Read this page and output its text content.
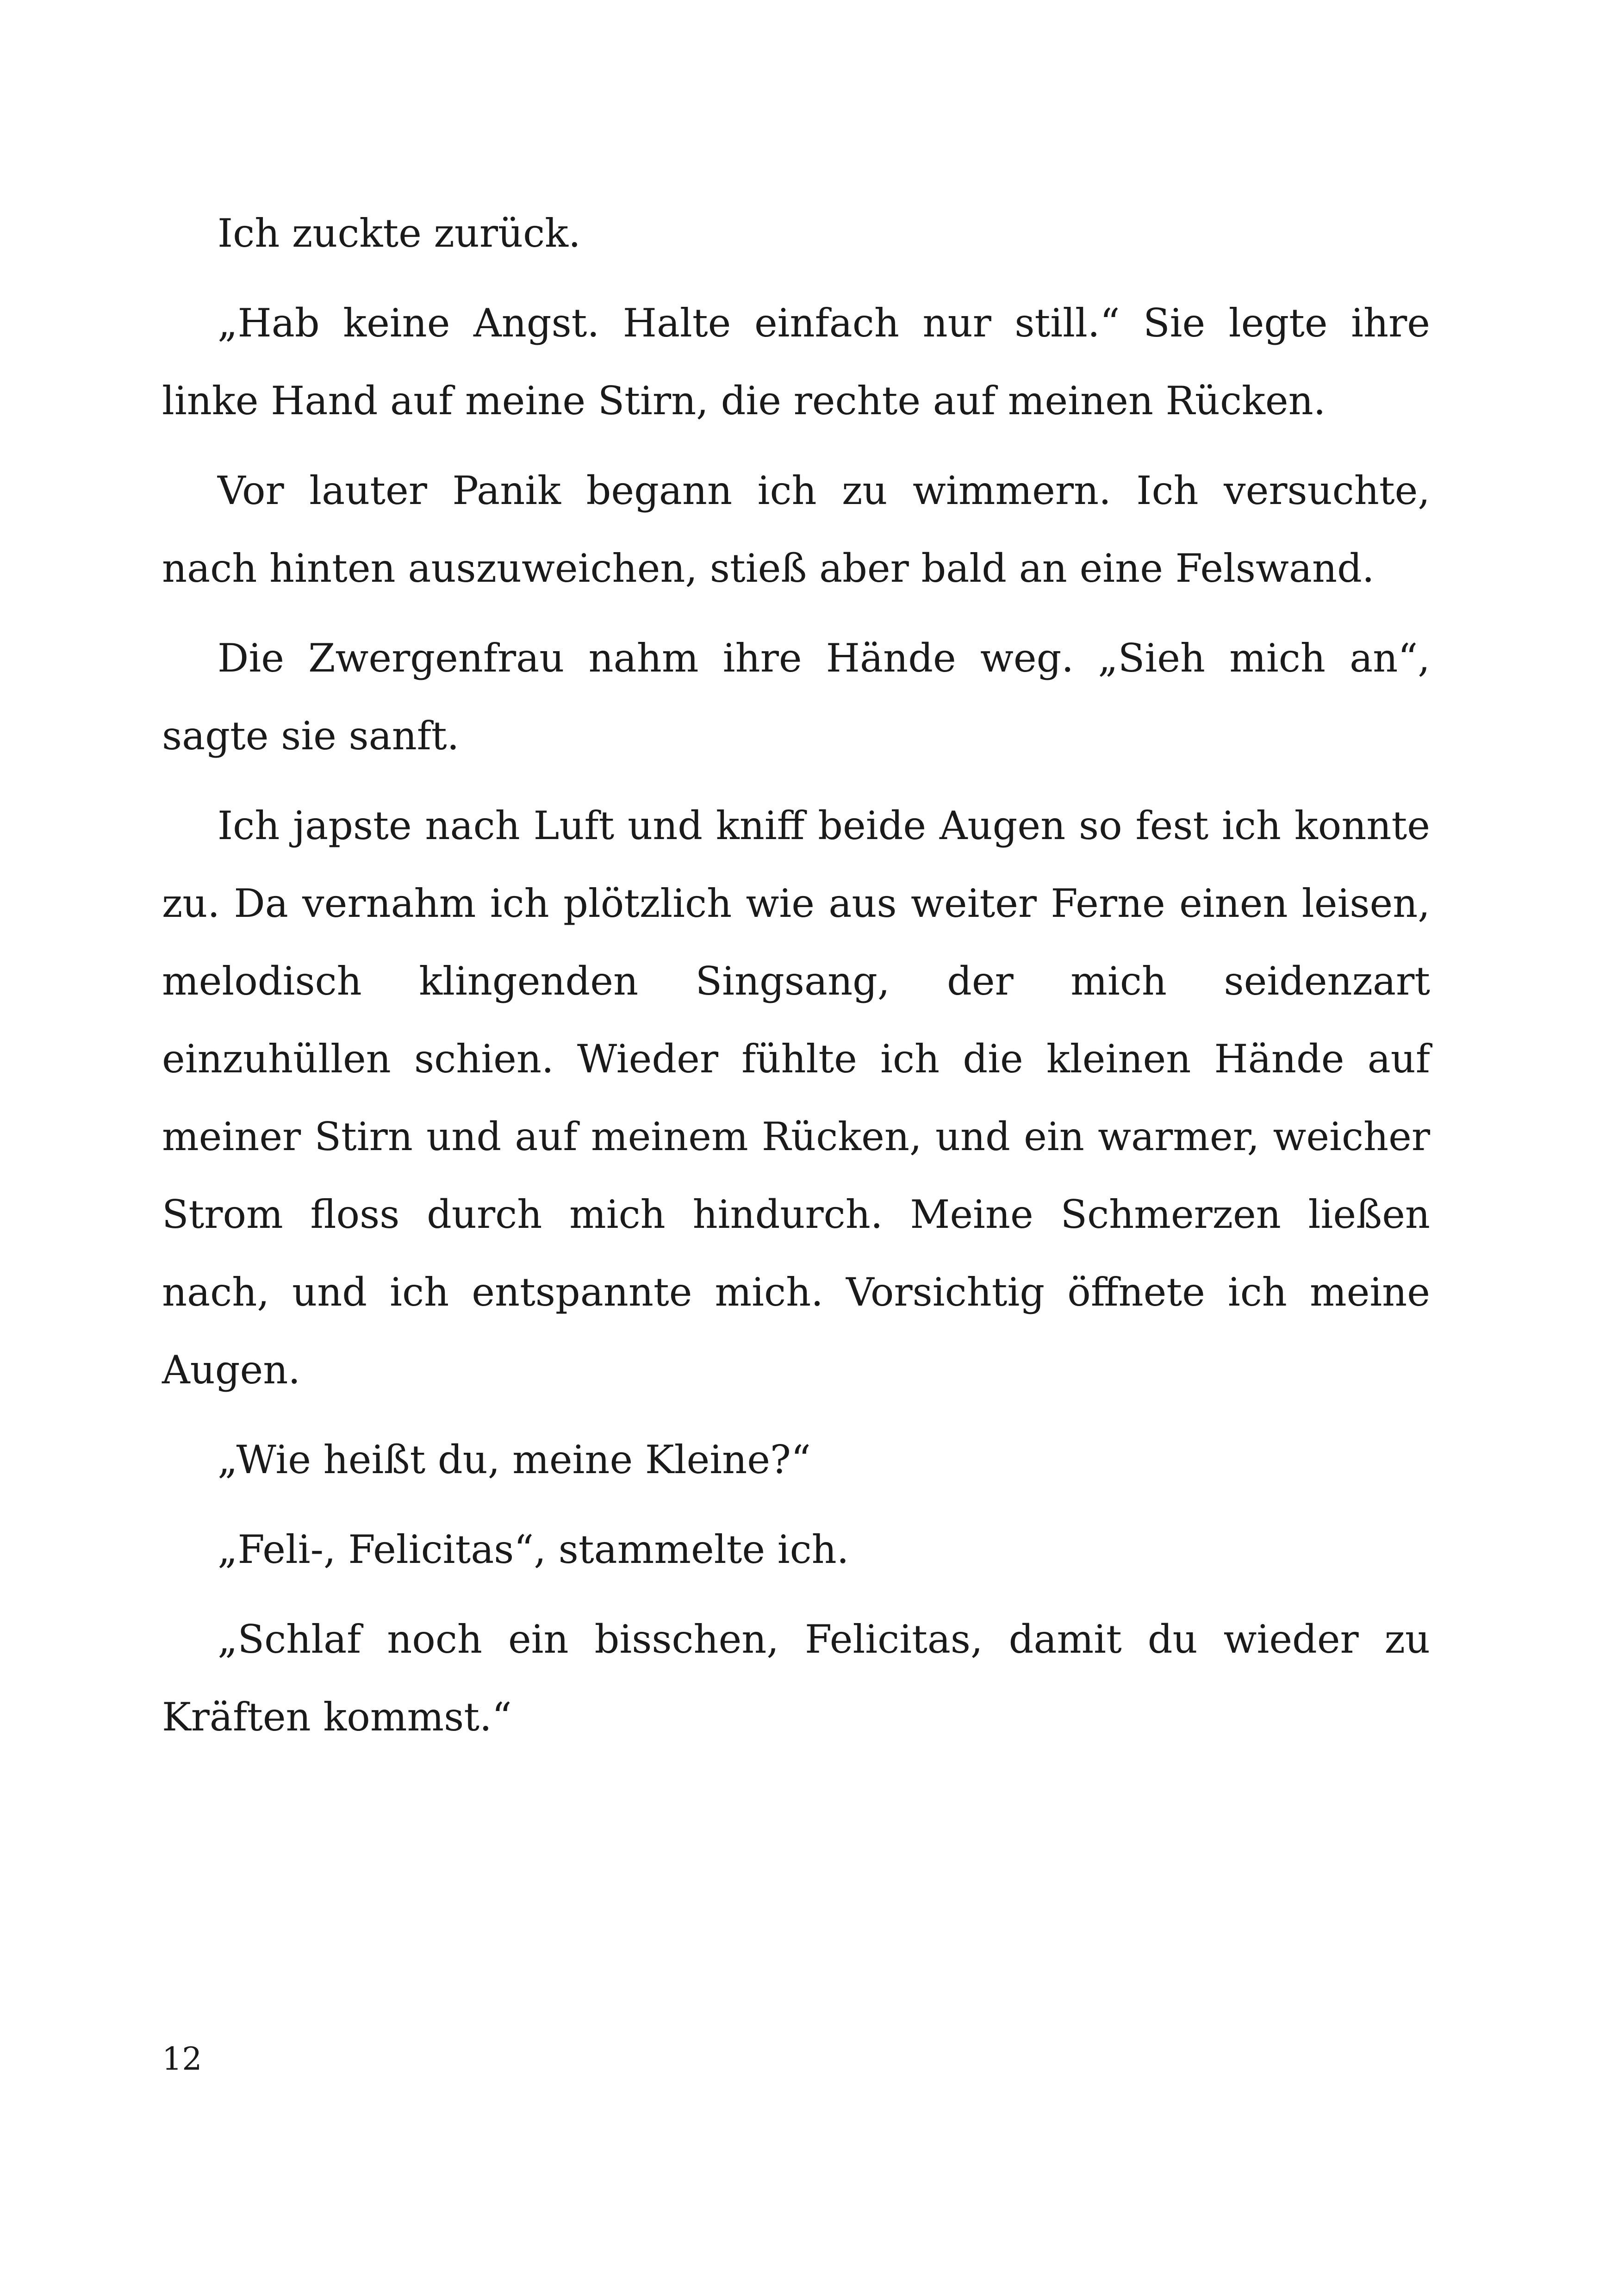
Ich zuckte zurück.

„Hab keine Angst. Halte einfach nur still.“ Sie legte ihre linke Hand auf meine Stirn, die rechte auf meinen Rücken.

Vor lauter Panik begann ich zu wimmern. Ich versuchte, nach hinten auszuweichen, stieß aber bald an eine Felswand.

Die Zwergenfrau nahm ihre Hände weg. „Sieh mich an“, sagte sie sanft.

Ich japste nach Luft und kniff beide Augen so fest ich konnte zu. Da vernahm ich plötzlich wie aus weiter Ferne einen leisen, melodisch klingenden Singsang, der mich seidenzart einzuhüllen schien. Wieder fühlte ich die kleinen Hände auf meiner Stirn und auf meinem Rücken, und ein warmer, weicher Strom floss durch mich hindurch. Meine Schmerzen ließen nach, und ich entspannte mich. Vorsichtig öffnete ich meine Augen.

„Wie heißt du, meine Kleine?“

„Feli-, Felicitas“, stammelte ich.

„Schlaf noch ein bisschen, Felicitas, damit du wieder zu Kräften kommst.“

12
